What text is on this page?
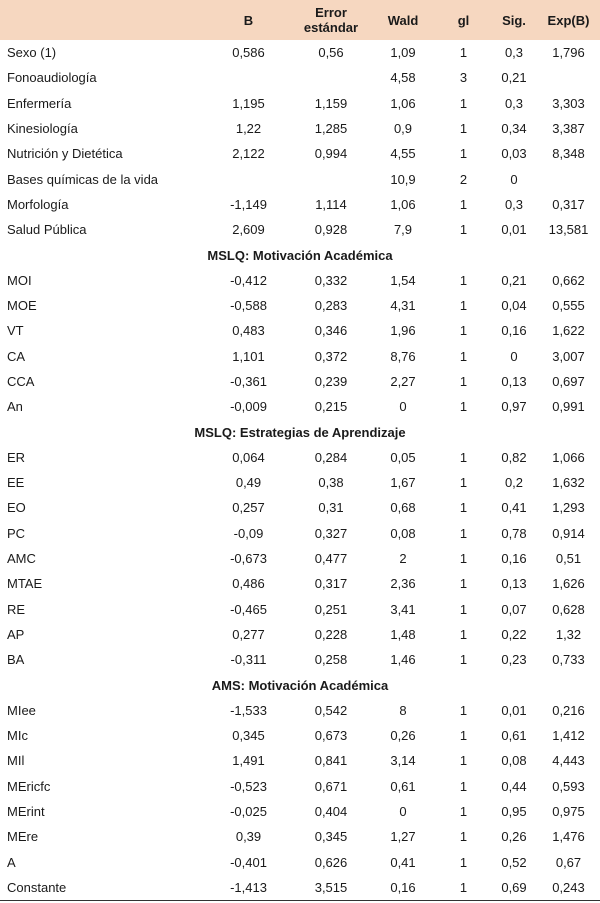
	B	Error
estándar	Wald	gl	Sig.	Exp(B)
Sexo (1)	0,586	0,56	1,09	1	0,3	1,796
Fonoaudiología			4,58	3	0,21	
Enfermería	1,195	1,159	1,06	1	0,3	3,303
Kinesiología	1,22	1,285	0,9	1	0,34	3,387
Nutrición y Dietética	2,122	0,994	4,55	1	0,03	8,348
Bases químicas de la vida			10,9	2	0	
Morfología	-1,149	1,114	1,06	1	0,3	0,317
Salud Pública	2,609	0,928	7,9	1	0,01	13,581
MSLQ: Motivación Académica						
MOI	-0,412	0,332	1,54	1	0,21	0,662
MOE	-0,588	0,283	4,31	1	0,04	0,555
VT	0,483	0,346	1,96	1	0,16	1,622
CA	1,101	0,372	8,76	1	0	3,007
CCA	-0,361	0,239	2,27	1	0,13	0,697
An	-0,009	0,215	0	1	0,97	0,991
MSLQ: Estrategias de Aprendizaje						
ER	0,064	0,284	0,05	1	0,82	1,066
EE	0,49	0,38	1,67	1	0,2	1,632
EO	0,257	0,31	0,68	1	0,41	1,293
PC	-0,09	0,327	0,08	1	0,78	0,914
AMC	-0,673	0,477	2	1	0,16	0,51
MTAE	0,486	0,317	2,36	1	0,13	1,626
RE	-0,465	0,251	3,41	1	0,07	0,628
AP	0,277	0,228	1,48	1	0,22	1,32
BA	-0,311	0,258	1,46	1	0,23	0,733
AMS: Motivación Académica						
MIee	-1,533	0,542	8	1	0,01	0,216
MIc	0,345	0,673	0,26	1	0,61	1,412
MIl	1,491	0,841	3,14	1	0,08	4,443
MEricfc	-0,523	0,671	0,61	1	0,44	0,593
MErint	-0,025	0,404	0	1	0,95	0,975
MEre	0,39	0,345	1,27	1	0,26	1,476
A	-0,401	0,626	0,41	1	0,52	0,67
Constante	-1,413	3,515	0,16	1	0,69	0,243
